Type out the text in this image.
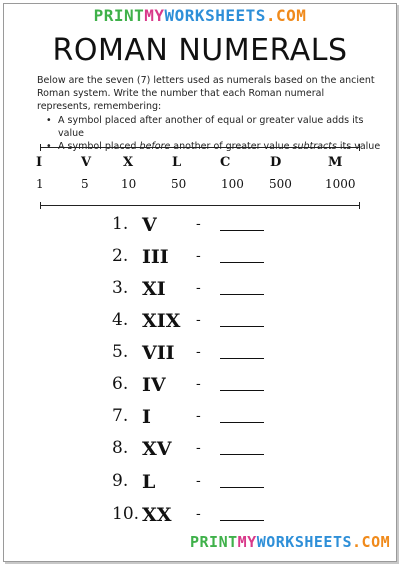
PRINTMYWORKSHEETS.COM
ROMAN NUMERALS
Below are the seven (7) letters used as numerals based on the ancient Roman system. Write the number that each Roman numeral represents, remembering:
• A symbol placed after another of equal or greater value adds its value
• A symbol placed before another of greater value subtracts its value
I	V	X	L	C	D	M
1	5	10	50	100	500	1000
1. V	-
2. III -
3. XI -
4. XIX -
5. VII -
6. IV -
7. I	-
8. XV -
9. L	-
10. XX -
PRINTMYWORKSHEETS.COM
